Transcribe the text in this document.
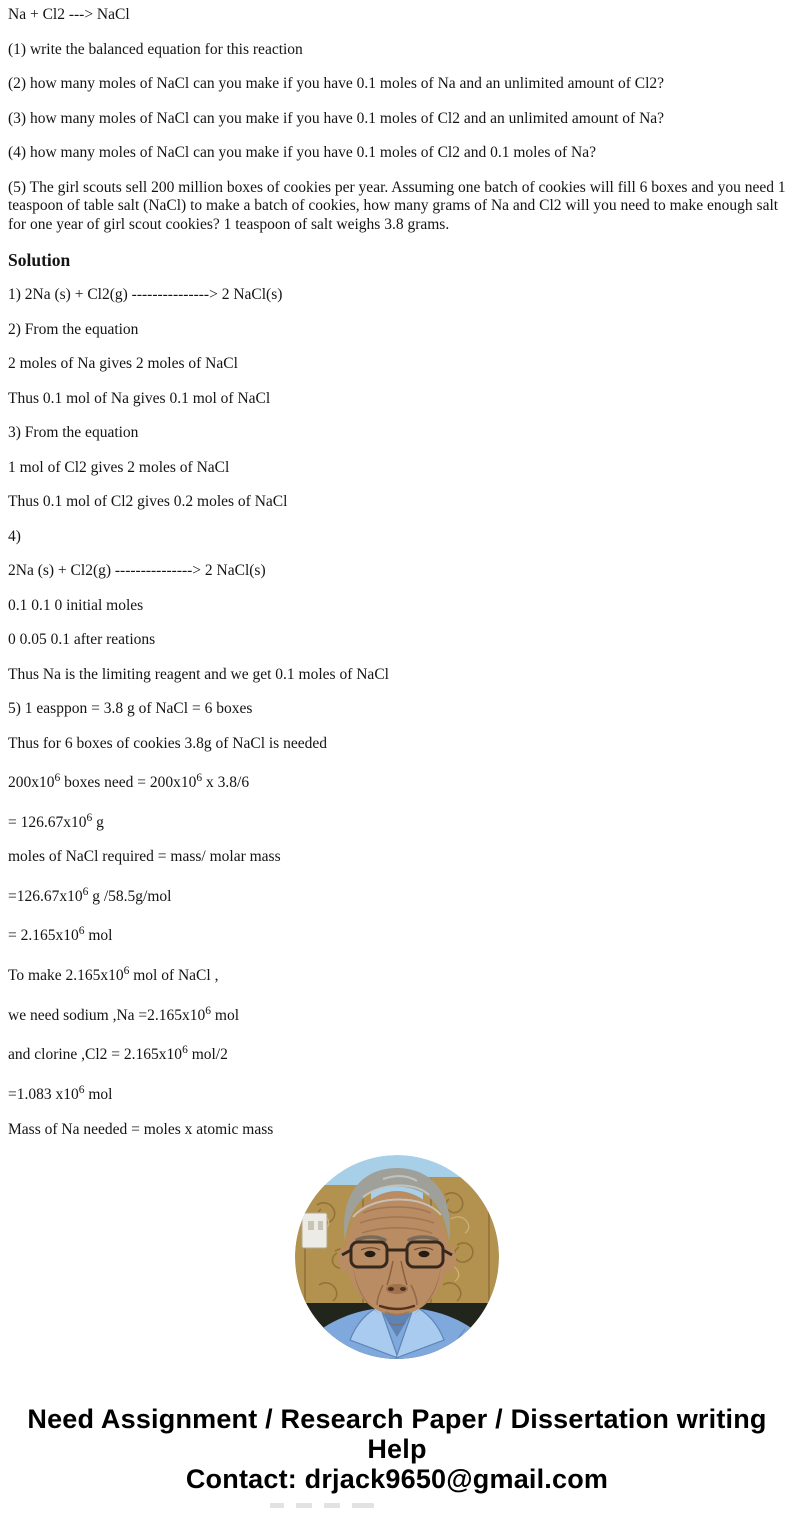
Na + Cl2 ---> NaCl

(1) write the balanced equation for this reaction

(2) how many moles of NaCl can you make if you have 0.1 moles of Na and an unlimited amount of Cl2?

(3) how many moles of NaCl can you make if you have 0.1 moles of Cl2 and an unlimited amount of Na?

(4) how many moles of NaCl can you make if you have 0.1 moles of Cl2 and 0.1 moles of Na?

(5) The girl scouts sell 200 million boxes of cookies per year. Assuming one batch of cookies will fill 6 boxes and you need 1 teaspoon of table salt (NaCl) to make a batch of cookies, how many grams of Na and Cl2 will you need to make enough salt for one year of girl scout cookies? 1 teaspoon of salt weighs 3.8 grams.

Solution

1) 2Na (s) + Cl2(g) ---------------> 2 NaCl(s)

2) From the equation

2 moles of Na gives 2 moles of NaCl

Thus 0.1 mol of Na gives 0.1 mol of NaCl

3) From the equation

1 mol of Cl2 gives 2 moles of NaCl

Thus 0.1 mol of Cl2 gives 0.2 moles of NaCl

4)

2Na (s) + Cl2(g) ---------------> 2 NaCl(s)

0.1 0.1 0 initial moles

0 0.05 0.1 after reations

Thus Na is the limiting reagent and we get 0.1 moles of NaCl

5) 1 easppon = 3.8 g of NaCl = 6 boxes

Thus for 6 boxes of cookies 3.8g of NaCl is needed

$200x10^6$ boxes need = $200x10^6$ x 3.8/6

= $126.67x10^6$ g

moles of NaCl required = mass/ molar mass

$=126.67x10^6$ g /58.5g/mol

= $2.165x10^6$ mol

To make $2.165x10^6$ mol of NaCl ,

we need sodium $,Na =2.165x10^6$ mol

and clorine $,Cl2 = 2.165x10^6$ mol/2

=1.083 $x10^6$ mol

Mass of Na needed = moles x atomic mass

Need Assignment / Research Paper / Dissertation writing Help
Contact: drjack9650@gmail.com
